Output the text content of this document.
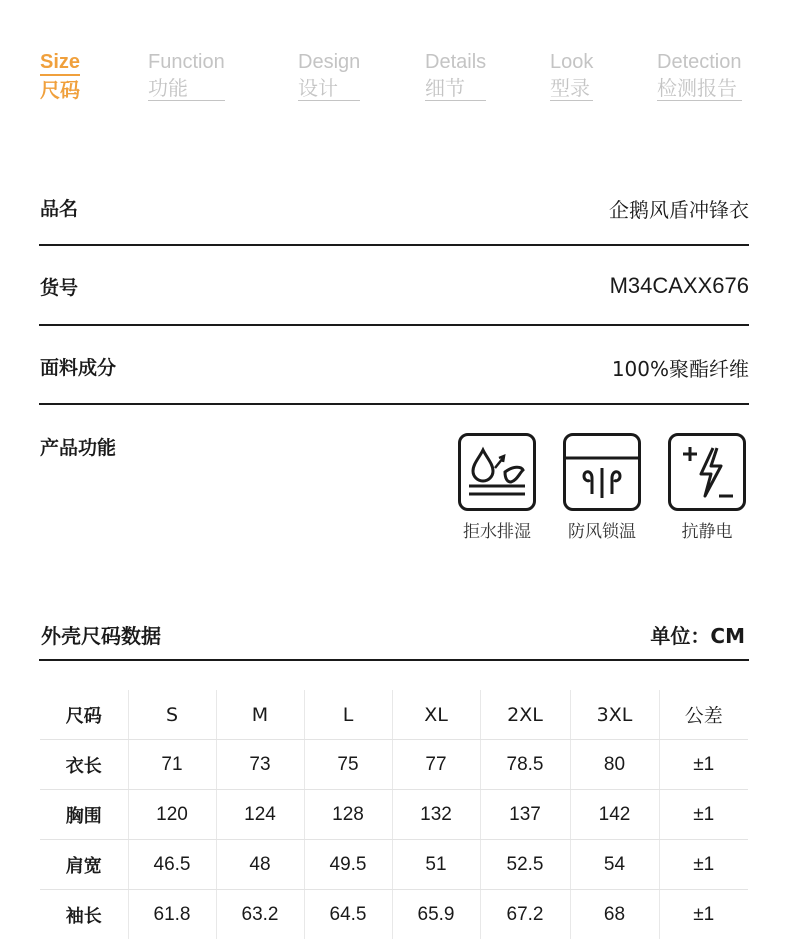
Size
尺码
Function
功能
Design
设计
Details
细节
Look
型录
Detection
检测报告
品名	企鹅风盾冲锋衣
货号	M34CAXX676
面料成分	100%聚酯纤维
产品功能
拒水排湿	防风锁温	抗静电
外壳尺码数据	单位：CM
尺码	S	M	L	XL	2XL	3XL	公差
衣长	71	73	75	77	78.5	80	±1
胸围	120	124	128	132	137	142	±1
肩宽	46.5	48	49.5	51	52.5	54	±1
袖长	61.8	63.2	64.5	65.9	67.2	68	±1
